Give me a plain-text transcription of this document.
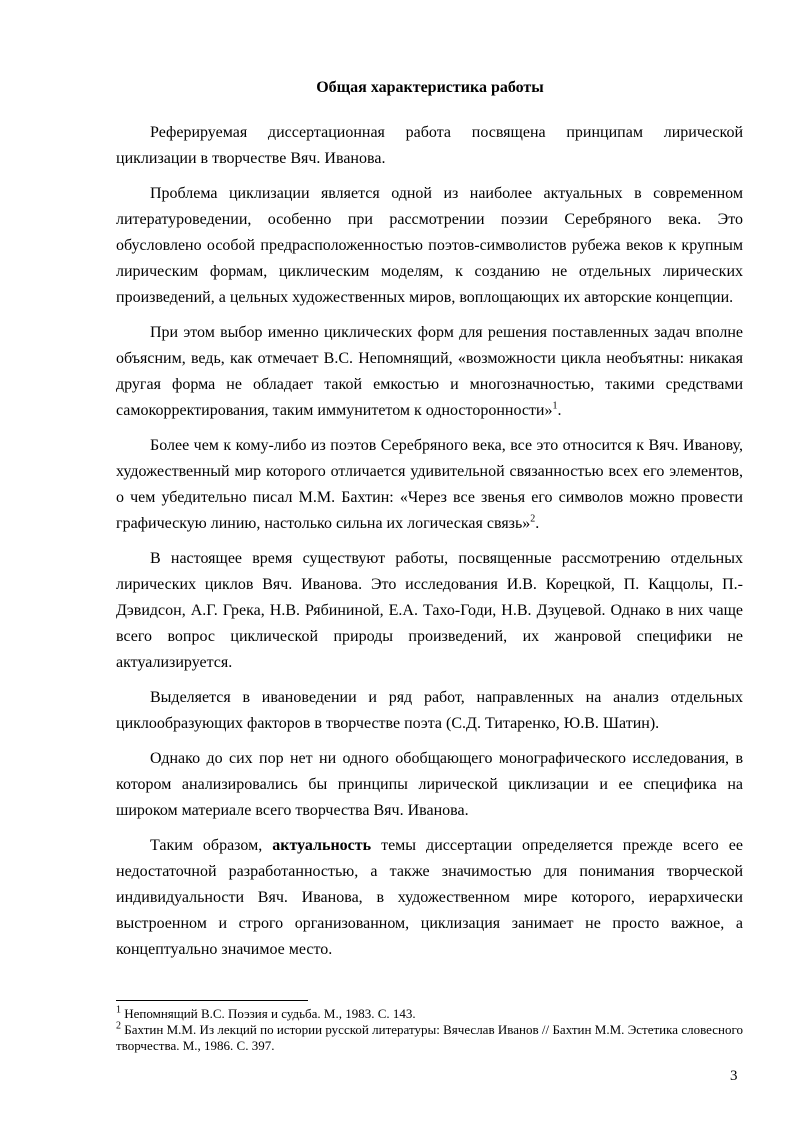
Общая характеристика работы

Реферируемая диссертационная работа посвящена принципам лирической циклизации в творчестве Вяч. Иванова.

Проблема циклизации является одной из наиболее актуальных в современном литературоведении, особенно при рассмотрении поэзии Серебряного века. Это обусловлено особой предрасположенностью поэтов-символистов рубежа веков к крупным лирическим формам, циклическим моделям, к созданию не отдельных лирических произведений, а цельных художественных миров, воплощающих их авторские концепции.

При этом выбор именно циклических форм для решения поставленных задач вполне объясним, ведь, как отмечает В.С. Непомнящий, «возможности цикла необъятны: никакая другая форма не обладает такой емкостью и многозначностью, такими средствами самокорректирования, таким иммунитетом к односторонности»$^1$.

Более чем к кому-либо из поэтов Серебряного века, все это относится к Вяч. Иванову, художественный мир которого отличается удивительной связанностью всех его элементов, о чем убедительно писал М.М. Бахтин: «Через все звенья его символов можно провести графическую линию, настолько сильна их логическая связь»$^2$.

В настоящее время существуют работы, посвященные рассмотрению отдельных лирических циклов Вяч. Иванова. Это исследования И.В. Корецкой, П. Каццолы, П.-Дэвидсон, А.Г. Грека, Н.В. Рябининой, Е.А. Тахо-Годи, Н.В. Дзуцевой. Однако в них чаще всего вопрос циклической природы произведений, их жанровой специфики не актуализируется.

Выделяется в ивановедении и ряд работ, направленных на анализ отдельных циклообразующих факторов в творчестве поэта (С.Д. Титаренко, Ю.В. Шатин).

Однако до сих пор нет ни одного обобщающего монографического исследования, в котором анализировались бы принципы лирической циклизации и ее специфика на широком материале всего творчества Вяч. Иванова.

Таким образом, актуальность темы диссертации определяется прежде всего ее недостаточной разработанностью, а также значимостью для понимания творческой индивидуальности Вяч. Иванова, в художественном мире которого, иерархически выстроенном и строго организованном, циклизация занимает не просто важное, а концептуально значимое место.

$^1$ Непомнящий В.С. Поэзия и судьба. М., 1983. С. 143.

$^2$ Бахтин М.М. Из лекций по истории русской литературы: Вячеслав Иванов // Бахтин М.М. Эстетика словесного творчества. М., 1986. С. 397.

3
